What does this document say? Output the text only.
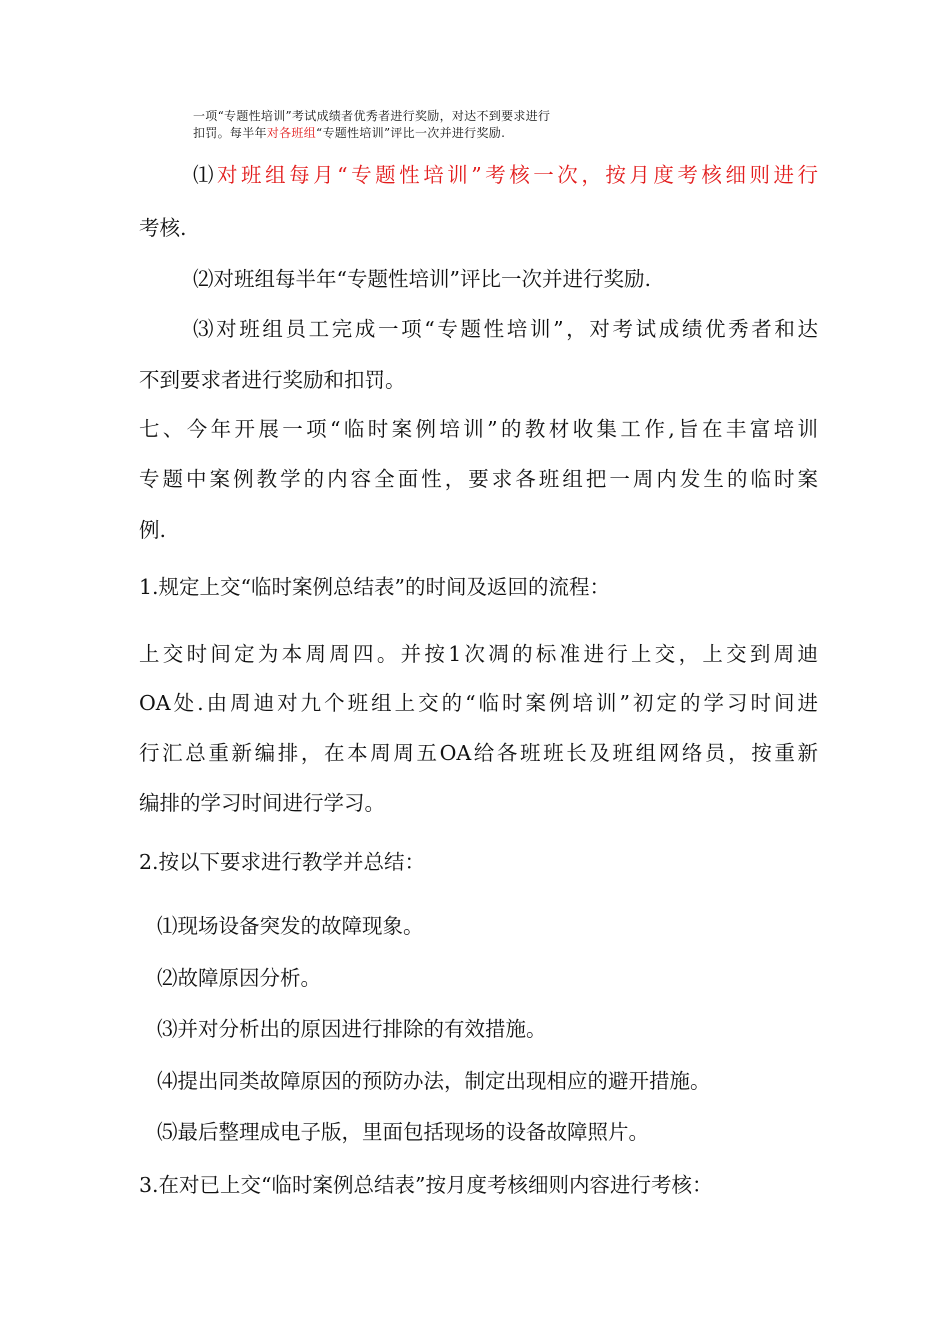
一项“专题性培训”考试成绩者优秀者进行奖励，对达不到要求进行
扣罚。每半年对各班组“专题性培训”评比一次并进行奖励.
⑴对班组每月“专题性培训”考核一次，按月度考核细则进行
考核.
⑵对班组每半年“专题性培训”评比一次并进行奖励.
⑶对班组员工完成一项“专题性培训”，对考试成绩优秀者和达
不到要求者进行奖励和扣罚。
七、今年开展一项“临时案例培训”的教材收集工作,旨在丰富培训
专题中案例教学的内容全面性，要求各班组把一周内发生的临时案
例.
1.规定上交“临时案例总结表”的时间及返回的流程：
上交时间定为本周周四。并按1次凋的标准进行上交，上交到周迪
OA处.由周迪对九个班组上交的“临时案例培训”初定的学习时间进
行汇总重新编排，在本周周五OA给各班班长及班组网络员，按重新
编排的学习时间进行学习。
2.按以下要求进行教学并总结：
⑴现场设备突发的故障现象。
⑵故障原因分析。
⑶并对分析出的原因进行排除的有效措施。
⑷提出同类故障原因的预防办法，制定出现相应的避开措施。
⑸最后整理成电子版，里面包括现场的设备故障照片。
3.在对已上交“临时案例总结表”按月度考核细则内容进行考核：
